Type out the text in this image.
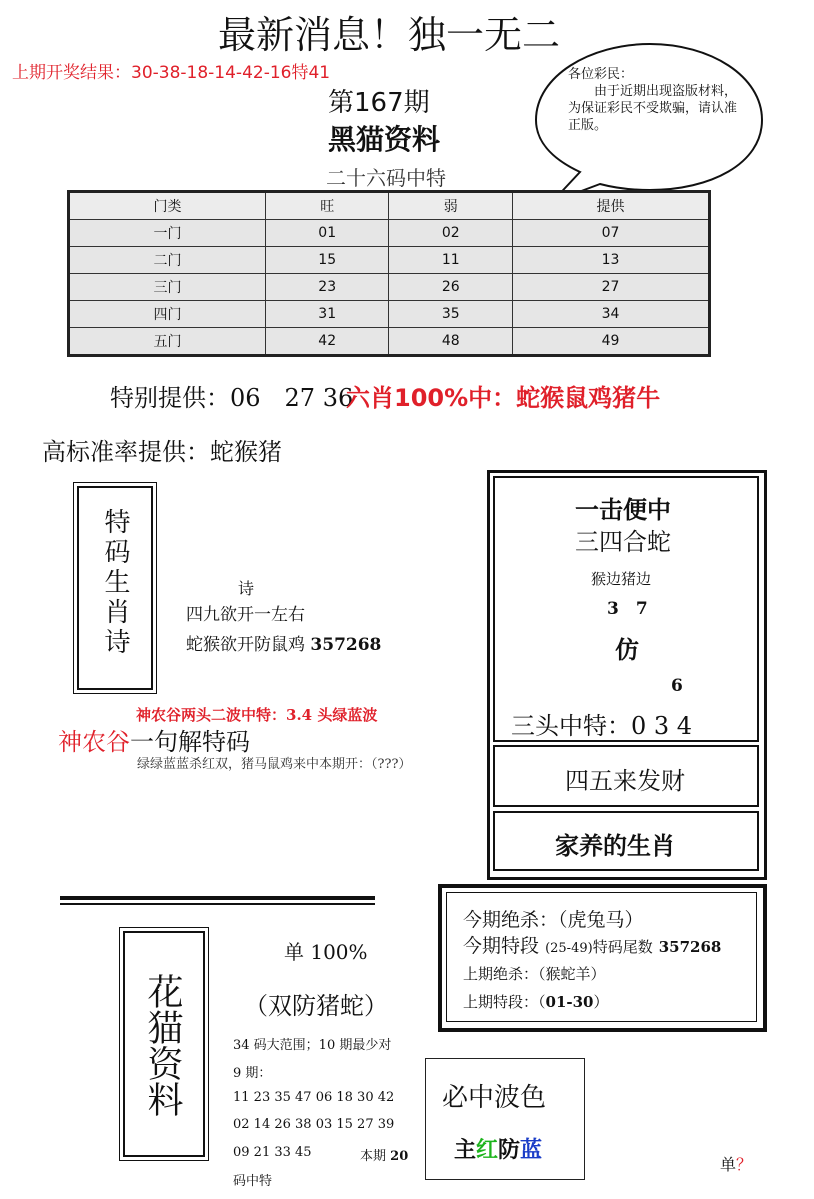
最新消息！独一无二
上期开奖结果：30-38-18-14-42-16特41
第167期
黑猫资料
二十六码中特
各位彩民：
由于近期出现盗版材料，为保证彩民不受欺骗，请认准正版。
门类	旺	弱	提供
一门	01	02	07
二门	15	11	13
三门	23	26	27
四门	31	35	34
五门	42	48	49
特别提供：06　27 36
六肖100%中：蛇猴鼠鸡猪牛
高标准率提供：蛇猴猪
特码生肖诗	诗
四九欲开一左右
蛇猴欲开防鼠鸡 357268
神农谷两头二波中特：3.4 头绿蓝波
神农谷一句解特码
绿绿蓝蓝杀红双，猪马鼠鸡来中本期开：（???）
一击便中
三四合蛇
猴边猪边
3　7
仿
6
三头中特：0 3 4
四五来发财
家养的生肖
今期绝杀：（虎兔马）
今期特段 (25-49)特码尾数 357268
上期绝杀：（猴蛇羊）
上期特段：（01-30）
花猫资料
单 100%
（双防猪蛇）
34 码大范围；10 期最少对
9 期：
11 23 35 47 06 18 30 42
02 14 26 38 03 15 27 39
09 21 33 45	本期 20
码中特
必中波色
主红防蓝
单？
